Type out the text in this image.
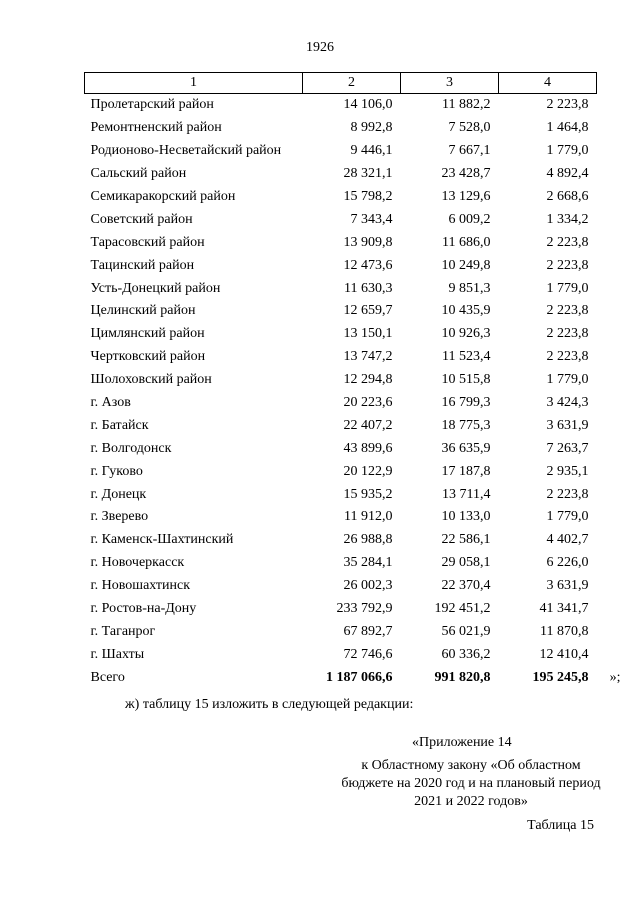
1926
1	2	3	4
Пролетарский район	14 106,0	11 882,2	2 223,8
Ремонтненский район	8 992,8	7 528,0	1 464,8
Родионово-Несветайский район	9 446,1	7 667,1	1 779,0
Сальский район	28 321,1	23 428,7	4 892,4
Семикаракорский район	15 798,2	13 129,6	2 668,6
Советский район	7 343,4	6 009,2	1 334,2
Тарасовский район	13 909,8	11 686,0	2 223,8
Тацинский район	12 473,6	10 249,8	2 223,8
Усть-Донецкий район	11 630,3	9 851,3	1 779,0
Целинский район	12 659,7	10 435,9	2 223,8
Цимлянский район	13 150,1	10 926,3	2 223,8
Чертковский район	13 747,2	11 523,4	2 223,8
Шолоховский район	12 294,8	10 515,8	1 779,0
г. Азов	20 223,6	16 799,3	3 424,3
г. Батайск	22 407,2	18 775,3	3 631,9
г. Волгодонск	43 899,6	36 635,9	7 263,7
г. Гуково	20 122,9	17 187,8	2 935,1
г. Донецк	15 935,2	13 711,4	2 223,8
г. Зверево	11 912,0	10 133,0	1 779,0
г. Каменск-Шахтинский	26 988,8	22 586,1	4 402,7
г. Новочеркасск	35 284,1	29 058,1	6 226,0
г. Новошахтинск	26 002,3	22 370,4	3 631,9
г. Ростов-на-Дону	233 792,9	192 451,2	41 341,7
г. Таганрог	67 892,7	56 021,9	11 870,8
г. Шахты	72 746,6	60 336,2	12 410,4
Всего	1 187 066,6	991 820,8	195 245,8 »;
ж) таблицу 15 изложить в следующей редакции:
«Приложение 14
к Областному закону «Об областном бюджете на 2020 год и на плановый период 2021 и 2022 годов»
Таблица 15
